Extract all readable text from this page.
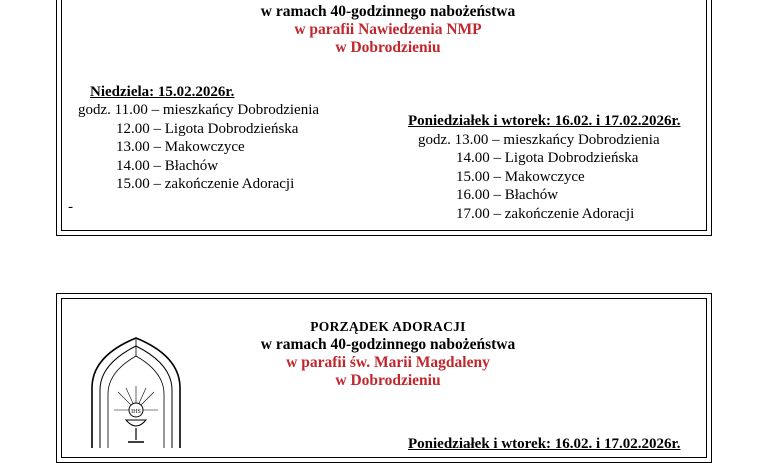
w ramach 40-godzinnego nabożeństwa
w parafii Nawiedzenia NMP
w Dobrodzieniu
Niedziela: 15.02.2026r.
godz. 11.00 – mieszkańcy Dobrodzienia
12.00 – Ligota Dobrodzieńska
13.00 – Makowczyce
14.00 – Błachów
15.00 – zakończenie Adoracji
Poniedziałek i wtorek: 16.02. i 17.02.2026r.
godz. 13.00 – mieszkańcy Dobrodzienia
14.00 – Ligota Dobrodzieńska
15.00 – Makowczyce
16.00 – Błachów
17.00 – zakończenie Adoracji
-
PORZĄDEK ADORACJI
w ramach 40-godzinnego nabożeństwa
w parafii św. Marii Magdaleny
w Dobrodzieniu
Poniedziałek i wtorek: 16.02. i 17.02.2026r.
IHS
